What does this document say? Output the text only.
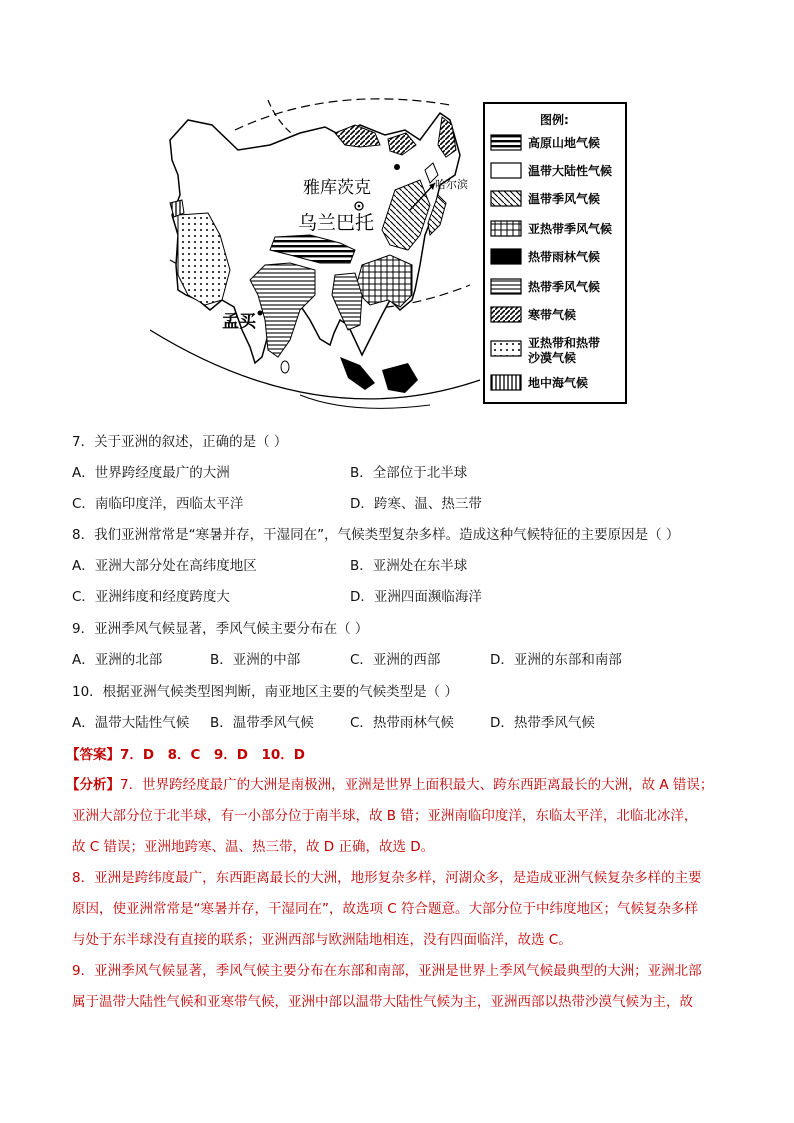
雅库茨克	哈尔滨
乌兰巴托
孟买
图例:
高原山地气候
温带大陆性气候
温带季风气候
亚热带季风气候
热带雨林气候
热带季风气候
寒带气候
亚热带和热带
沙漠气候
地中海气候
7．关于亚洲的叙述，正确的是（ ）
A．世界跨经度最广的大洲	B．全部位于北半球
C．南临印度洋，西临太平洋	D．跨寒、温、热三带
8．我们亚洲常常是“寒暑并存，干湿同在”，气候类型复杂多样。造成这种气候特征的主要原因是（ ）
A．亚洲大部分处在高纬度地区	B．亚洲处在东半球
C．亚洲纬度和经度跨度大	D．亚洲四面濒临海洋
9．亚洲季风气候显著，季风气候主要分布在（ ）
A．亚洲的北部	B．亚洲的中部	C．亚洲的西部	D．亚洲的东部和南部
10．根据亚洲气候类型图判断，南亚地区主要的气候类型是（ ）
A．温带大陆性气候 B．温带季风气候	C．热带雨林气候	D．热带季风气候
【答案】7．D　8．C　9．D　10．D
【分析】7．世界跨经度最广的大洲是南极洲，亚洲是世界上面积最大、跨东西距离最长的大洲，故 A 错误；
亚洲大部分位于北半球，有一小部分位于南半球，故 B 错；亚洲南临印度洋，东临太平洋，北临北冰洋，
故 C 错误；亚洲地跨寒、温、热三带，故 D 正确，故选 D。
8．亚洲是跨纬度最广，东西距离最长的大洲，地形复杂多样，河湖众多，是造成亚洲气候复杂多样的主要
原因，使亚洲常常是“寒暑并存，干湿同在”，故选项 C 符合题意。大部分位于中纬度地区；气候复杂多样
与处于东半球没有直接的联系；亚洲西部与欧洲陆地相连，没有四面临洋，故选 C。
9．亚洲季风气候显著，季风气候主要分布在东部和南部，亚洲是世界上季风气候最典型的大洲；亚洲北部
属于温带大陆性气候和亚寒带气候，亚洲中部以温带大陆性气候为主，亚洲西部以热带沙漠气候为主，故
